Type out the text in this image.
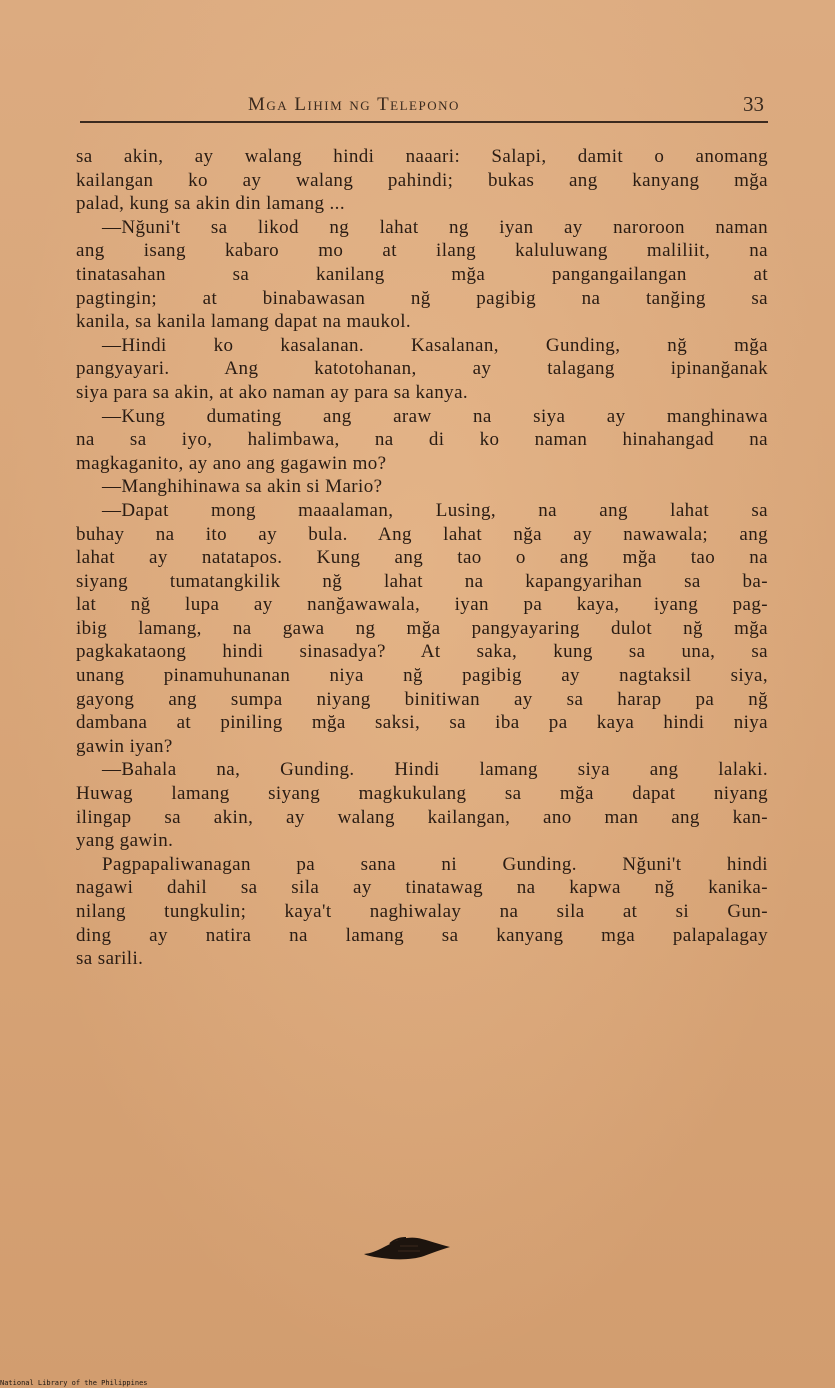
Mga Lihim ng Telepono	33
sa akin, ay walang hindi naaari: Salapi, damit o anomang
kailangan ko ay walang pahindi; bukas ang kanyang mğa
palad, kung sa akin din lamang ...
—Nğuni't sa likod ng lahat ng iyan ay naroroon naman
ang isang kabaro mo at ilang kaluluwang maliliit, na
tinatasahan sa kanilang mğa pangangailangan at
pagtingin; at binabawasan nğ pagibig na tanğing sa
kanila, sa kanila lamang dapat na maukol.
—Hindi ko kasalanan. Kasalanan, Gunding, nğ mğa
pangyayari. Ang katotohanan, ay talagang ipinanğanak
siya para sa akin, at ako naman ay para sa kanya.
—Kung dumating ang araw na siya ay manghinawa
na sa iyo, halimbawa, na di ko naman hinahangad na
magkaganito, ay ano ang gagawin mo?
—Manghihinawa sa akin si Mario?
—Dapat mong maaalaman, Lusing, na ang lahat sa
buhay na ito ay bula. Ang lahat nğa ay nawawala; ang
lahat ay natatapos. Kung ang tao o ang mğa tao na
siyang tumatangkilik nğ lahat na kapangyarihan sa ba-
lat nğ lupa ay nanğawawala, iyan pa kaya, iyang pag-
ibig lamang, na gawa ng mğa pangyayaring dulot nğ mğa
pagkakataong hindi sinasadya? At saka, kung sa una, sa
unang pinamuhunanan niya nğ pagibig ay nagtaksil siya,
gayong ang sumpa niyang binitiwan ay sa harap pa nğ
dambana at piniling mğa saksi, sa iba pa kaya hindi niya
gawin iyan?
—Bahala na, Gunding. Hindi lamang siya ang lalaki.
Huwag lamang siyang magkukulang sa mğa dapat niyang
ilingap sa akin, ay walang kailangan, ano man ang kan-
yang gawin.
Pagpapaliwanagan pa sana ni Gunding. Nğuni't hindi
nagawi dahil sa sila ay tinatawag na kapwa nğ kanika-
nilang tungkulin; kaya't naghiwalay na sila at si Gun-
ding ay natira na lamang sa kanyang mga palapalagay
sa sarili.
National Library of the Philippines
